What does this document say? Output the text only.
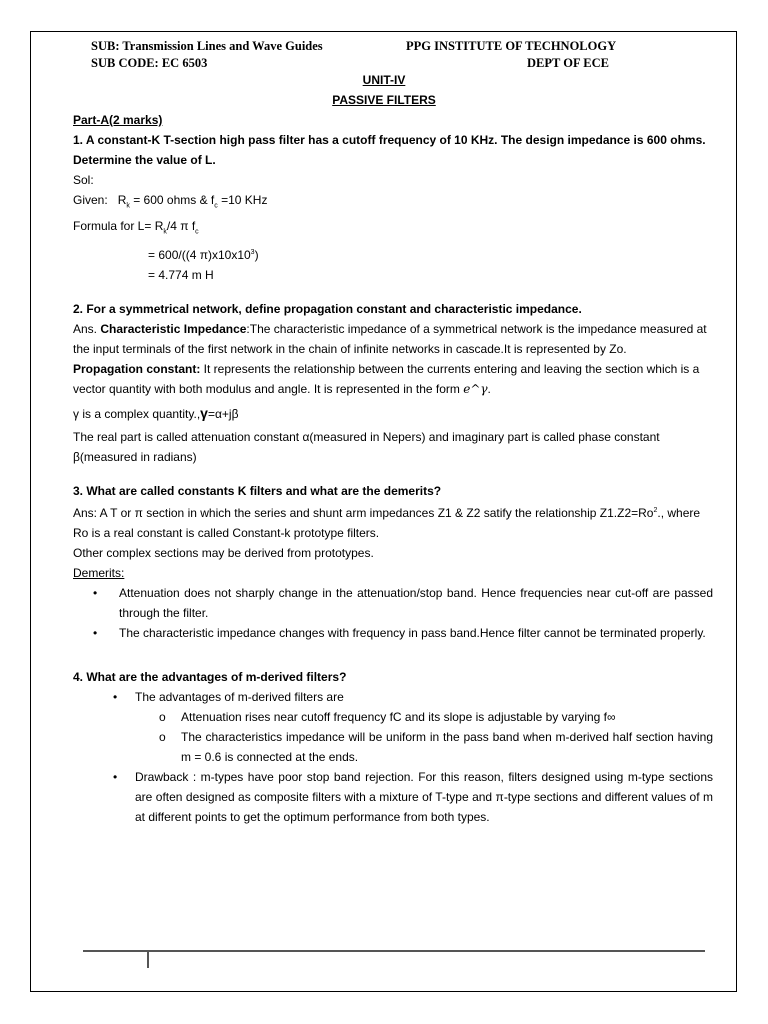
SUB: Transmission Lines and Wave Guides	PPG INSTITUTE OF TECHNOLOGY
SUB CODE: EC 6503	DEPT OF ECE
UNIT-IV
PASSIVE FILTERS

Part-A(2 marks)

1. A constant-K T-section high pass filter has a cutoff frequency of 10 KHz. The design impedance is 600 ohms. Determine the value of L.

Sol:

Given: $R_k = 600$ ohms & $f_c =10$ KHz

Formula for $L= R_k/4$ π $f_c$

= 600/((4 $\pi)x10x10^3$)

= 4.774 m H

2. For a symmetrical network, define propagation constant and characteristic impedance.

Ans. Characteristic Impedance:The characteristic impedance of a symmetrical network is the impedance measured at the input terminals of the first network in the chain of infinite networks in cascade.It is represented by Zo.

Propagation constant: It represents the relationship between the currents entering and leaving the section which is a vector quantity with both modulus and angle. It is represented in the form e^γ.

γ is a complex quantity.,γ=α+jβ

The real part is called attenuation constant α(measured in Nepers) and imaginary part is called phase constant β(measured in radians)

3. What are called constants K filters and what are the demerits?

Ans: A T or π section in which the series and shunt arm impedances Z1 & Z2 satify the relationship $Z1.Z2=Ro^2$., where Ro is a real constant is called Constant-k prototype filters.

Other complex sections may be derived from prototypes.

Demerits:

• Attenuation does not sharply change in the attenuation/stop band. Hence frequencies near cut-off are passed through the filter.
• The characteristic impedance changes with frequency in pass band.Hence filter cannot be terminated properly.

4. What are the advantages of m-derived filters?

• The advantages of m-derived filters are
o Attenuation rises near cutoff frequency fC and its slope is adjustable by varying f∞
o The characteristics impedance will be uniform in the pass band when m-derived half section having m = 0.6 is connected at the ends.
• Drawback : m-types have poor stop band rejection. For this reason, filters designed using m-type sections are often designed as composite filters with a mixture of T-type and π-type sections and different values of m at different points to get the optimum performance from both types.
